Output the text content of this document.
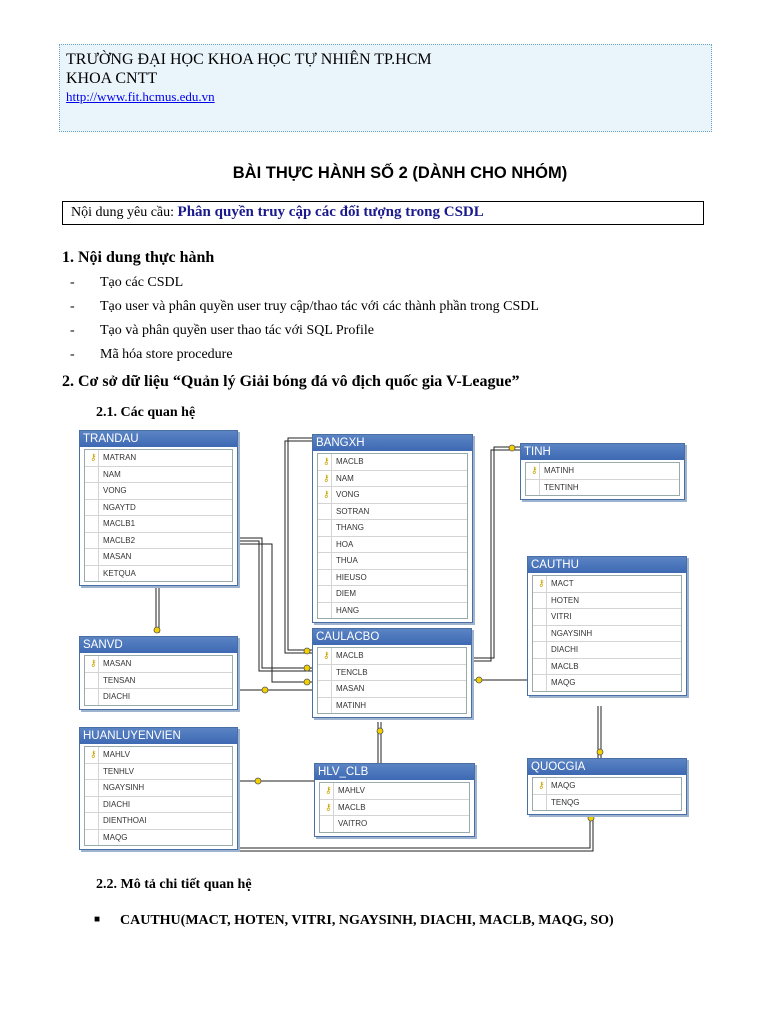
TRƯỜNG ĐẠI HỌC KHOA HỌC TỰ NHIÊN TP.HCM
KHOA CNTT
http://www.fit.hcmus.edu.vn
BÀI THỰC HÀNH SỐ 2 (DÀNH CHO NHÓM)
Nội dung yêu cầu: Phân quyền truy cập các đối tượng trong CSDL
1. Nội dung thực hành
- Tạo các CSDL
- Tạo user và phân quyền user truy cập/thao tác với các thành phần trong CSDL
- Tạo và phân quyền user thao tác với SQL Profile
- Mã hóa store procedure
2. Cơ sở dữ liệu “Quản lý Giải bóng đá vô địch quốc gia V-League”
2.1. Các quan hệ
TRANDAU
⚷ MATRAN
NAM
VONG
NGAYTD
MACLB1
MACLB2
MASAN
KETQUA
BANGXH
⚷ MACLB
⚷ NAM
⚷ VONG
SOTRAN
THANG
HOA
THUA
HIEUSO
DIEM
HANG
TINH
⚷ MATINH
TENTINH
CAUTHU
⚷ MACT
HOTEN
VITRI
NGAYSINH
DIACHI
MACLB
MAQG
SANVD
⚷ MASAN
TENSAN
DIACHI
CAULACBO
⚷ MACLB
TENCLB
MASAN
MATINH
HUANLUYENVIEN
⚷ MAHLV
TENHLV
NGAYSINH
DIACHI
DIENTHOAI
MAQG
HLV_CLB
⚷ MAHLV
⚷ MACLB
VAITRO
QUOCGIA
⚷ MAQG
TENQG
2.2. Mô tả chi tiết quan hệ
■ CAUTHU(MACT, HOTEN, VITRI, NGAYSINH, DIACHI, MACLB, MAQG, SO)
